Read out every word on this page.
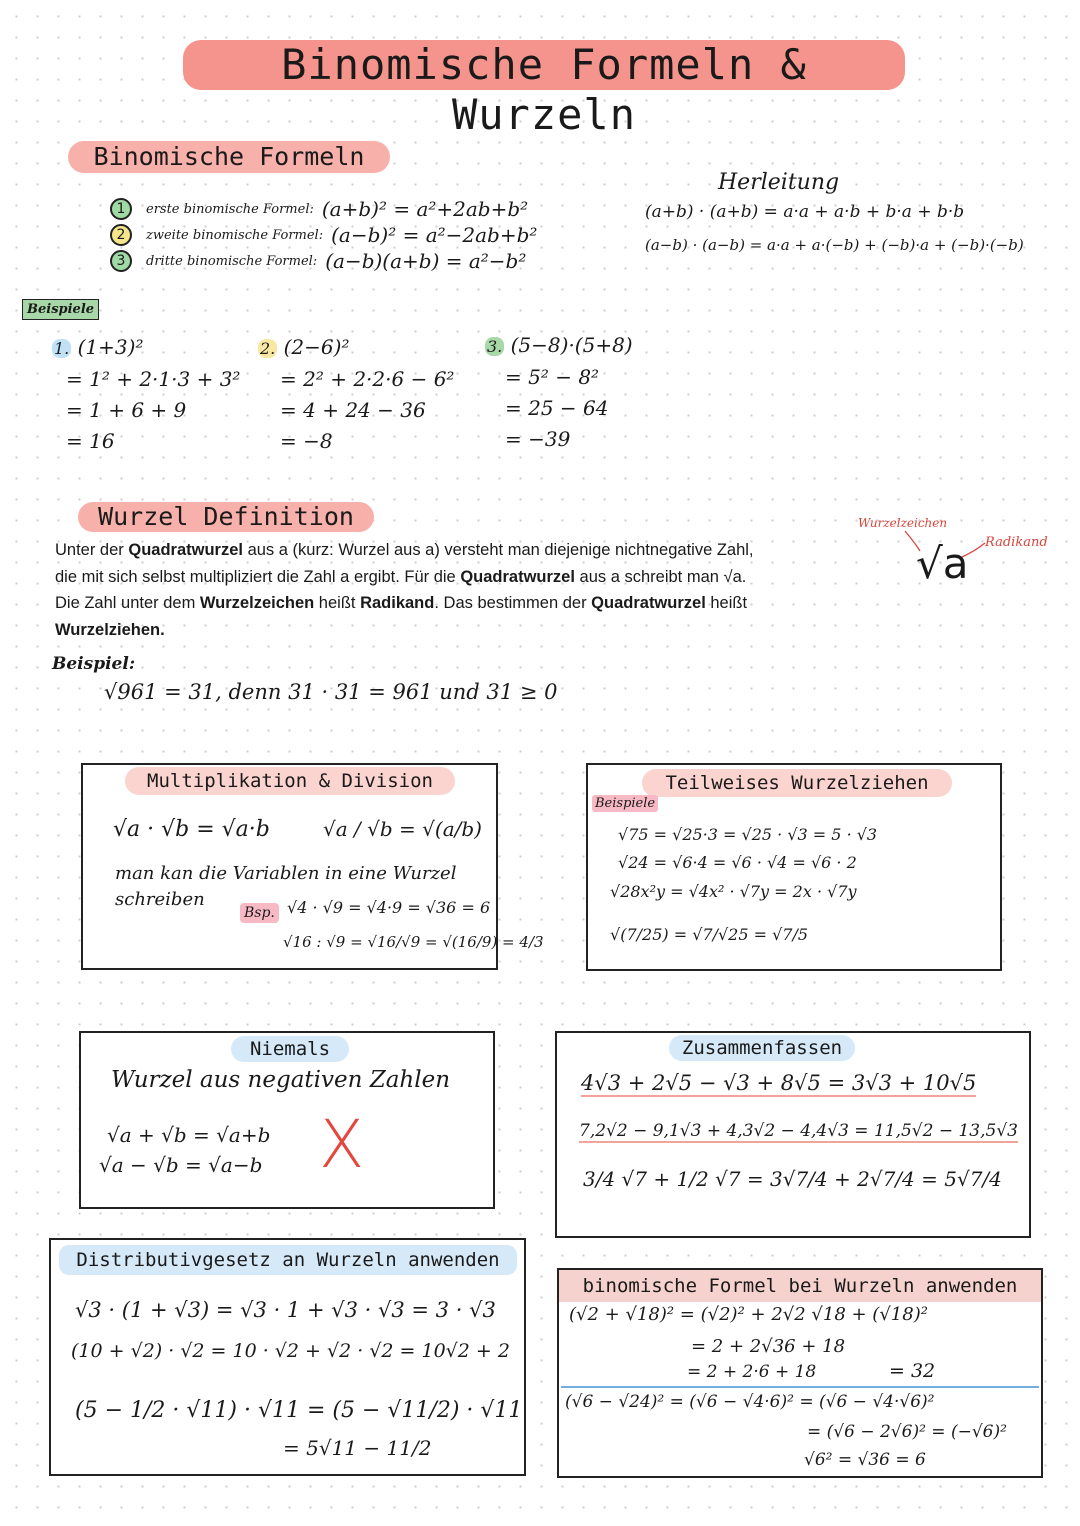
Binomische Formeln & Wurzeln
Binomische Formeln
1	erste binomische Formel: (a+b)² = a²+2ab+b²
2	zweite binomische Formel: (a−b)² = a²−2ab+b²
3	dritte binomische Formel: (a−b)(a+b) = a²−b²
Herleitung
(a+b) · (a+b) = a·a + a·b + b·a + b·b
(a−b) · (a−b) = a·a + a·(−b) + (−b)·a + (−b)·(−b)
Beispiele
1. (1+3)²
= 1² + 2·1·3 + 3²
= 1 + 6 + 9
= 16
2. (2−6)²
= 2² + 2·2·6 − 6²
= 4 + 24 − 36
= −8
3. (5−8)·(5+8)
= 5² − 8²
= 25 − 64
= −39
Wurzel Definition
Unter der Quadratwurzel aus a (kurz: Wurzel aus a) versteht man diejenige nichtnegative Zahl,
die mit sich selbst multipliziert die Zahl a ergibt. Für die Quadratwurzel aus a schreibt man √a.
Die Zahl unter dem Wurzelzeichen heißt Radikand. Das bestimmen der Quadratwurzel heißt
Wurzelziehen.
Wurzelzeichen
Radikand
√a
Beispiel:
√961 = 31, denn 31 · 31 = 961 und 31 ≥ 0
Multiplikation & Division
√a · √b = √a·b	√a / √b = √(a/b)
man kan die Variablen in eine Wurzel
schreiben
Bsp. √4 · √9 = √4·9 = √36 = 6
√16 : √9 = √16/√9 = √(16/9) = 4/3
Teilweises Wurzelziehen
Beispiele
√75 = √25·3 = √25 · √3 = 5 · √3
√24 = √6·4 = √6 · √4 = √6 · 2
√28x²y = √4x² · √7y = 2x · √7y
√(7/25) = √7/√25 = √7/5
Niemals
Wurzel aus negativen Zahlen
√a + √b = √a+b
√a − √b = √a−b X
Zusammenfassen
4√3 + 2√5 − √3 + 8√5 = 3√3 + 10√5
7,2√2 − 9,1√3 + 4,3√2 − 4,4√3 = 11,5√2 − 13,5√3
3/4 √7 + 1/2 √7 = 3√7/4 + 2√7/4 = 5√7/4
Distributivgesetz an Wurzeln anwenden
√3 · (1 + √3) = √3 · 1 + √3 · √3 = 3 · √3
(10 + √2) · √2 = 10 · √2 + √2 · √2 = 10√2 + 2
(5 − 1/2 · √11) · √11 = (5 − √11/2) · √11
= 5√11 − 11/2
binomische Formel bei Wurzeln anwenden
(√2 + √18)² = (√2)² + 2√2 √18 + (√18)²
= 2 + 2√36 + 18
= 2 + 2·6 + 18	= 32
(√6 − √24)² = (√6 − √4·6)² = (√6 − √4·√6)²
= (√6 − 2√6)² = (−√6)²
√6² = √36 = 6
